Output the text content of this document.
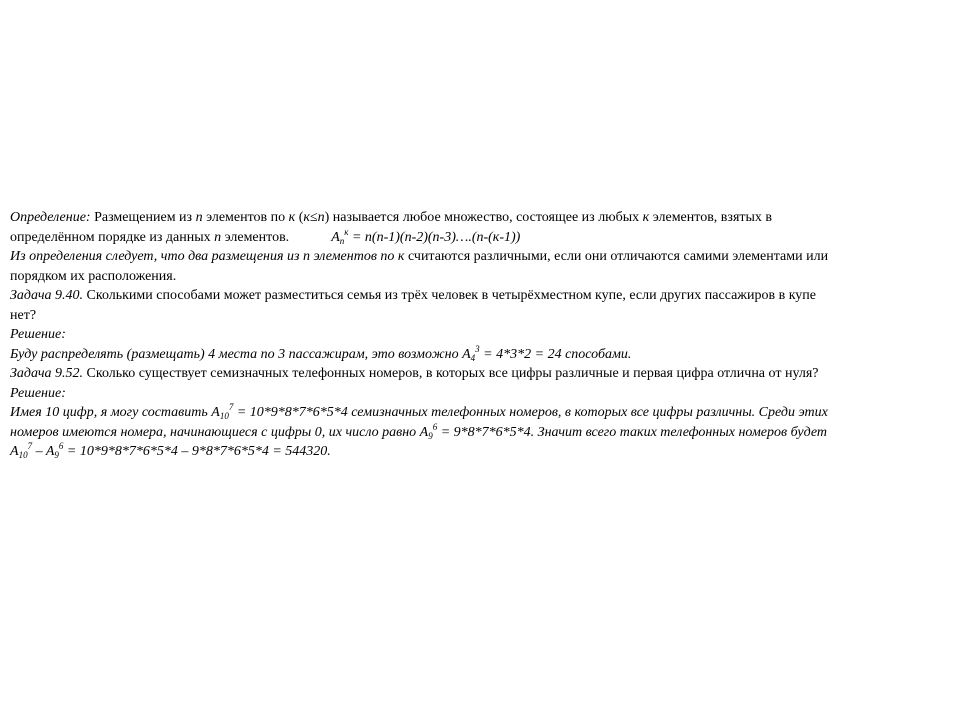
Определение: Размещением из n элементов по к (к≤n) называется любое множество, состоящее из любых к элементов, взятых в
определённом порядке из данных n элементов.	$A_n^к$ = n(n-1)(n-2)(n-3)….(n-(к-1))
Из определения следует, что два размещения из n элементов по к считаются различными, если они отличаются самими элементами или
порядком их расположения.
Задача 9.40. Сколькими способами может разместиться семья из трёх человек в четырёхместном купе, если других пассажиров в купе
нет?
Решение:
Буду распределять (размещать) 4 места по 3 пассажирам, это возможно $A_4^3 = 4*3*2 = 24$ способами.
Задача 9.52. Сколько существует семизначных телефонных номеров, в которых все цифры различные и первая цифра отлична от нуля?
Решение:
Имея 10 цифр, я могу составить $A_{10}^7 = 10*9*8*7*6*5*4$ семизначных телефонных номеров, в которых все цифры различны. Среди этих
номеров имеются номера, начинающиеся с цифры 0, их число равно $A_9^6 = 9*8*7*6*5*4$. Значит всего таких телефонных номеров будет
$A_{10}^7 - A_9^6 = 10*9*8*7*6*5*4 - 9*8*7*6*5*4 = 544320$.
